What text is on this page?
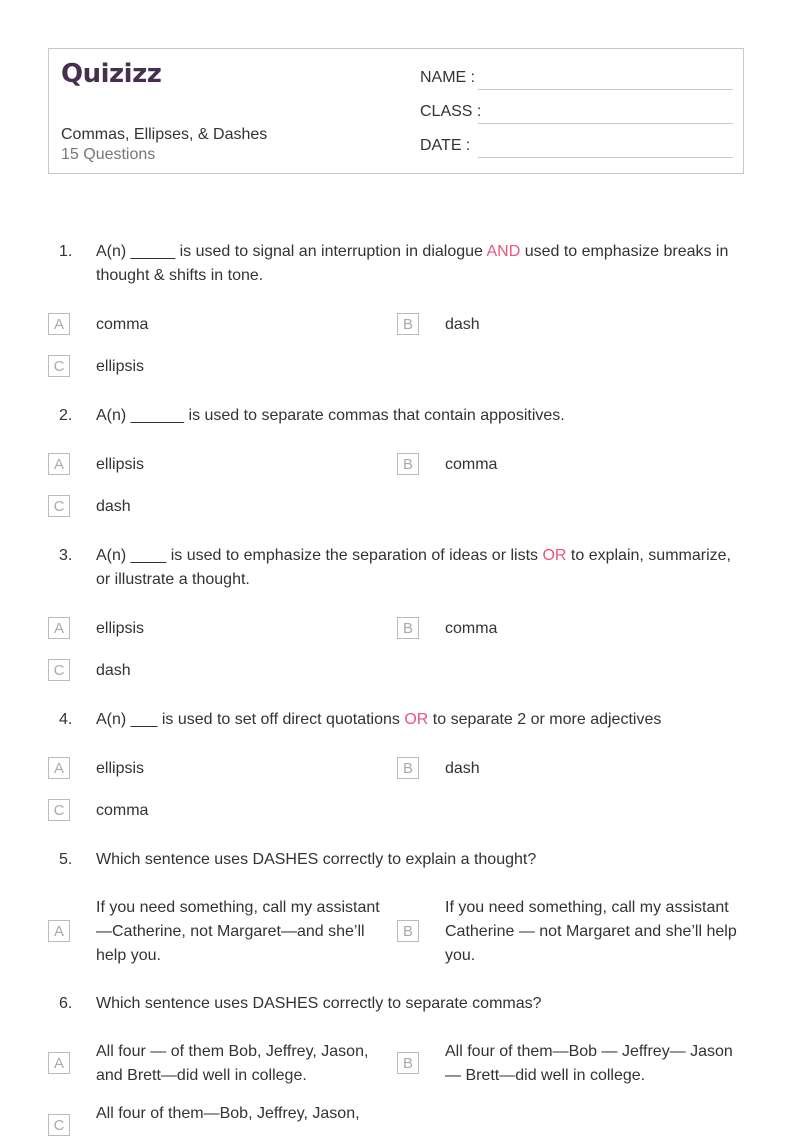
Quizizz
Commas, Ellipses, & Dashes
15 Questions
NAME :
CLASS :
DATE :
1. A(n) _____ is used to signal an interruption in dialogue AND used to emphasize breaks in thought & shifts in tone.
A	comma	B	dash
C	ellipsis
2. A(n) ______ is used to separate commas that contain appositives.
A	ellipsis	B	comma
C	dash
3. A(n) ____ is used to emphasize the separation of ideas or lists OR to explain, summarize, or illustrate a thought.
A	ellipsis	B	comma
C	dash
4. A(n) ___ is used to set off direct quotations OR to separate 2 or more adjectives
A	ellipsis	B	dash
C	comma
5. Which sentence uses DASHES correctly to explain a thought?
A
If you need something, call my assistant —Catherine, not Margaret—and she’ll help you.
B
If you need something, call my assistant Catherine — not Margaret and she’ll help you.
6. Which sentence uses DASHES correctly to separate commas?
A
All four — of them Bob, Jeffrey, Jason, and Brett—did well in college.
B
All four of them—Bob — Jeffrey— Jason — Brett—did well in college.
C
All four of them—Bob, Jeffrey, Jason,
